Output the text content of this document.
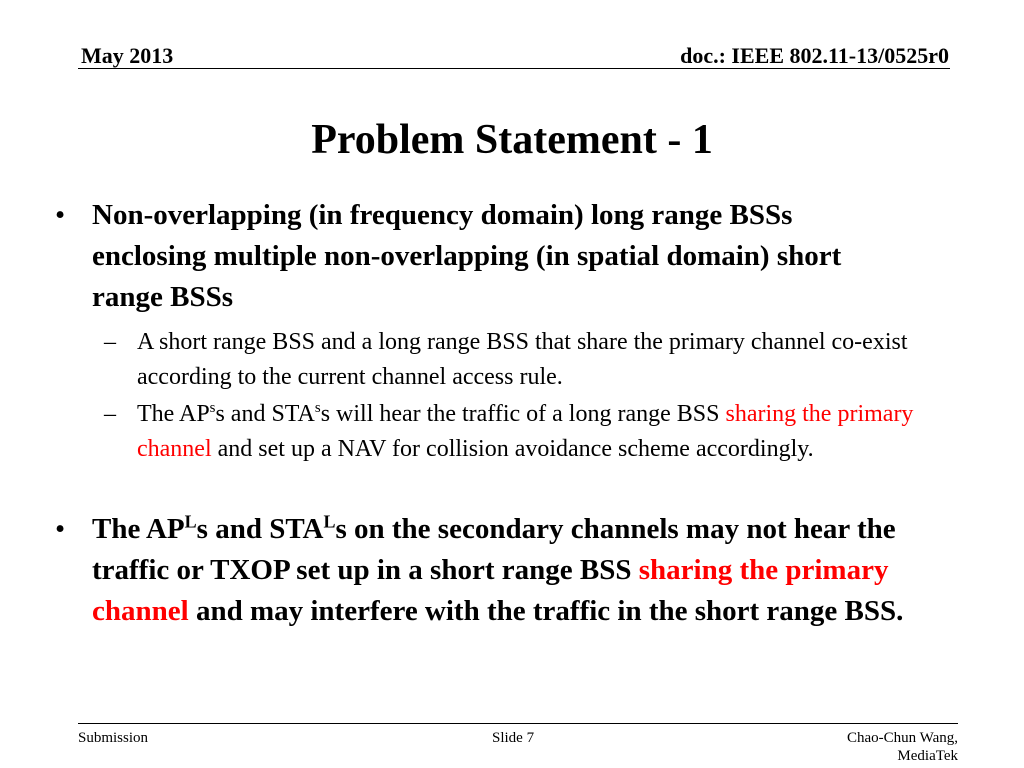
May 2013	doc.: IEEE 802.11-13/0525r0
Problem Statement - 1
• Non-overlapping (in frequency domain) long range BSSs enclosing multiple non-overlapping (in spatial domain) short range BSSs
– A short range BSS and a long range BSS that share the primary channel co-exist according to the current channel access rule.
– The $AP^ss$ and STA$^s$s will hear the traffic of a long range BSS sharing the primary channel and set up a NAV for collision avoidance scheme accordingly.
• The $AP^Ls$ and $STA^Ls$ on the secondary channels may not hear the traffic or TXOP set up in a short range BSS sharing the primary channel and may interfere with the traffic in the short range BSS.
Submission	Slide 7	Chao-Chun Wang,
MediaTek
